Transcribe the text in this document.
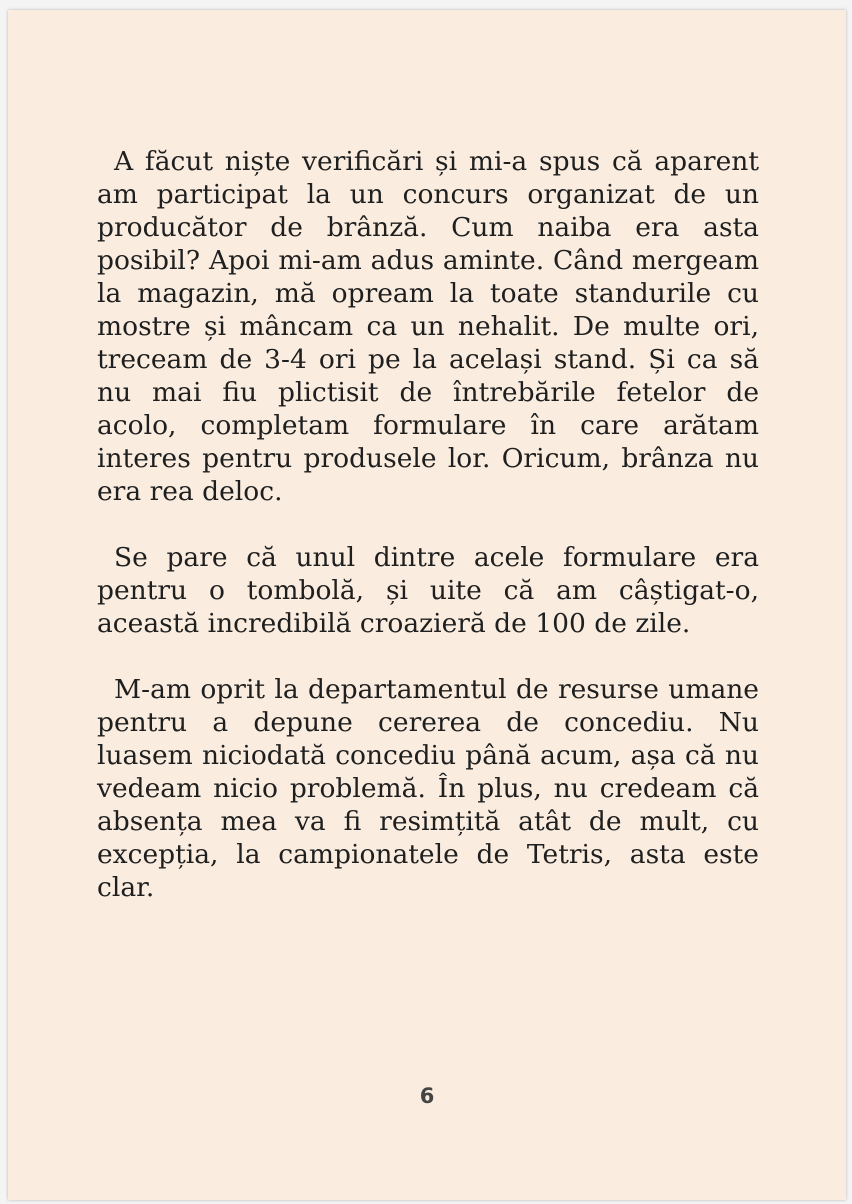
A făcut niște verificări și mi-a spus că aparent am participat la un concurs organizat de un producător de brânză. Cum naiba era asta posibil? Apoi mi-am adus aminte. Când mergeam la magazin, mă opream la toate standurile cu mostre și mâncam ca un nehalit. De multe ori, treceam de 3-4 ori pe la același stand. Și ca să nu mai fiu plictisit de întrebările fetelor de acolo, completam formulare în care arătam interes pentru produsele lor. Oricum, brânza nu era rea deloc.

Se pare că unul dintre acele formulare era pentru o tombolă, și uite că am câștigat-o, această incredibilă croazieră de 100 de zile.

M-am oprit la departamentul de resurse umane pentru a depune cererea de concediu. Nu luasem niciodată concediu până acum, așa că nu vedeam nicio problemă. În plus, nu credeam că absența mea va fi resimțită atât de mult, cu excepția, la campionatele de Tetris, asta este clar.

6
